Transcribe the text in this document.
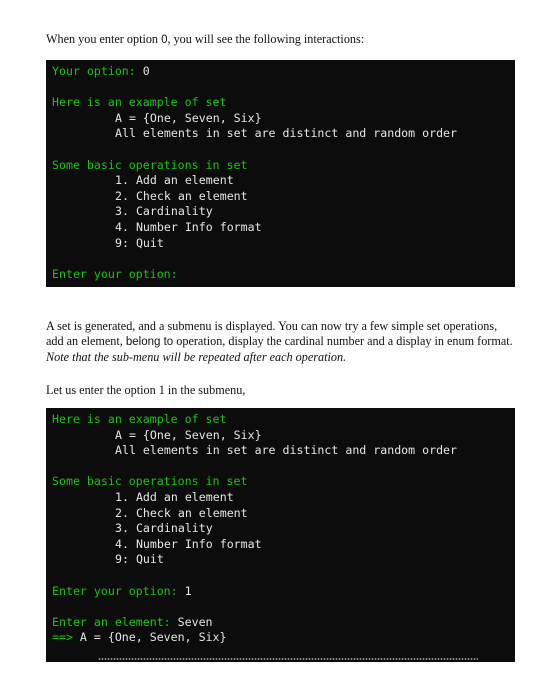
When you enter option 0, you will see the following interactions:

Your option: 0
Here is an example of set
A = {One, Seven, Six}
All elements in set are distinct and random order
Some basic operations in set
1. Add an element
2. Check an element
3. Cardinality
4. Number Info format
9: Quit
Enter your option:

A set is generated, and a submenu is displayed. You can now try a few simple set operations, add an element, belong to operation, display the cardinal number and a display in enum format. Note that the sub-menu will be repeated after each operation.

Let us enter the option 1 in the submenu,

Here is an example of set
A = {One, Seven, Six}
All elements in set are distinct and random order
Some basic operations in set
1. Add an element
2. Check an element
3. Cardinality
4. Number Info format
9: Quit
Enter your option: 1
Enter an element: Seven
==> A = {One, Seven, Six}
